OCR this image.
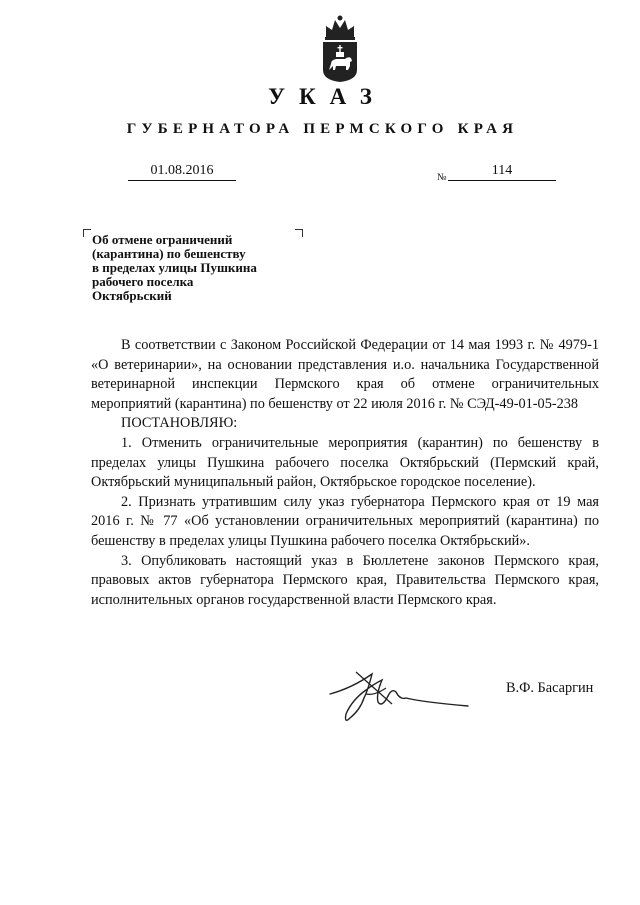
УКАЗ
ГУБЕРНАТОРА ПЕРМСКОГО КРАЯ
01.08.2016	№	114
Об отмене ограничений
(карантина) по бешенству
в пределах улицы Пушкина
рабочего поселка
Октябрьский

В соответствии с Законом Российской Федерации от 14 мая 1993 г. № 4979-1 «О ветеринарии», на основании представления и.о. начальника Государственной ветеринарной инспекции Пермского края об отмене ограничительных мероприятий (карантина) по бешенству от 22 июля 2016 г. № СЭД-49-01-05-238

ПОСТАНОВЛЯЮ:

1. Отменить ограничительные мероприятия (карантин) по бешенству в пределах улицы Пушкина рабочего поселка Октябрьский (Пермский край, Октябрьский муниципальный район, Октябрьское городское поселение).

2. Признать утратившим силу указ губернатора Пермского края от 19 мая 2016 г. № 77 «Об установлении ограничительных мероприятий (карантина) по бешенству в пределах улицы Пушкина рабочего поселка Октябрьский».

3. Опубликовать настоящий указ в Бюллетене законов Пермского края, правовых актов губернатора Пермского края, Правительства Пермского края, исполнительных органов государственной власти Пермского края.

В.Ф. Басаргин
